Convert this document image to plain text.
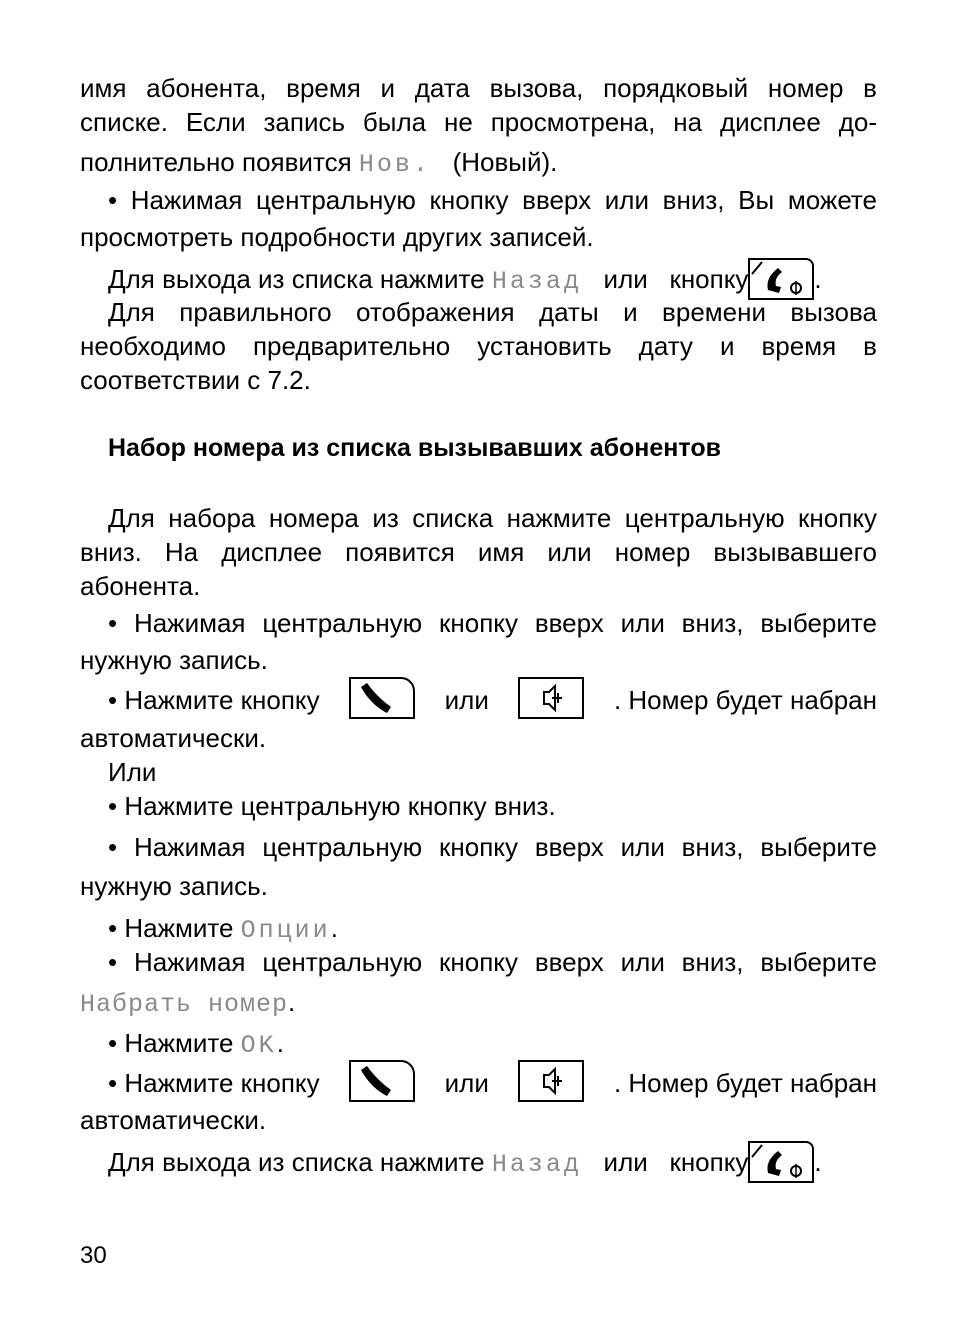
имя абонента, время и дата вызова, порядковый номер в
списке. Если запись была не просмотрена, на дисплее до-
полнительно появится Нов. (Новый).
• Нажимая центральную кнопку вверх или вниз, Вы можете
просмотреть подробности других записей.
Для выхода из списка нажмите Назад или кнопку	.
Для правильного отображения даты и времени вызова
необходимо предварительно установить дату и время в
соответствии с 7.2.
Набор номера из списка вызывавших абонентов
Для набора номера из списка нажмите центральную кнопку
вниз. На дисплее появится имя или номер вызывавшего
абонента.
• Нажимая центральную кнопку вверх или вниз, выберите
нужную запись.
• Нажмите кнопку	или	. Номер будет набран
автоматически.
Или
• Нажмите центральную кнопку вниз.
• Нажимая центральную кнопку вверх или вниз, выберите
нужную запись.
• Нажмите Опции.
• Нажимая центральную кнопку вверх или вниз, выберите
Набрать номер.
• Нажмите OK.
• Нажмите кнопку	или	. Номер будет набран
автоматически.
Для выхода из списка нажмите Назад или кнопку	.
30
